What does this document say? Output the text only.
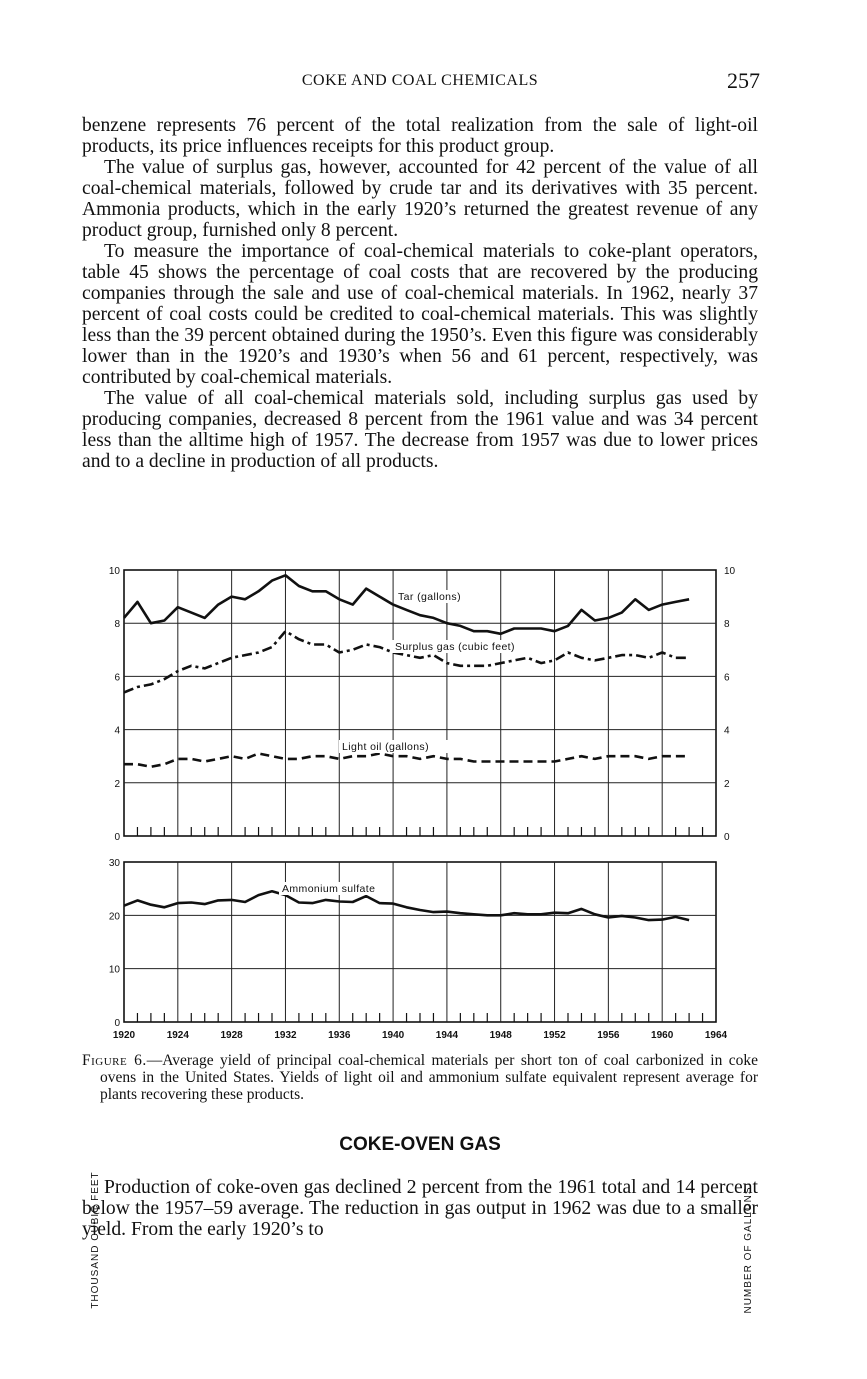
COKE AND COAL CHEMICALS	257

benzene represents 76 percent of the total realization from the sale of light-oil products, its price influences receipts for this product group.

The value of surplus gas, however, accounted for 42 percent of the value of all coal-chemical materials, followed by crude tar and its derivatives with 35 percent. Ammonia products, which in the early 1920’s returned the greatest revenue of any product group, furnished only 8 percent.

To measure the importance of coal-chemical materials to coke-plant operators, table 45 shows the percentage of coal costs that are recovered by the producing companies through the sale and use of coal-chemical materials. In 1962, nearly 37 percent of coal costs could be credited to coal-chemical materials. This was slightly less than the 39 percent obtained during the 1950’s. Even this figure was considerably lower than in the 1920’s and 1930’s when 56 and 61 percent, respectively, was contributed by coal-chemical materials.

The value of all coal-chemical materials sold, including surplus gas used by producing companies, decreased 8 percent from the 1961 value and was 34 percent less than the alltime high of 1957. The decrease from 1957 was due to lower prices and to a decline in production of all products.

0
2
4
6
8
10
0
2
4
6
8
10
Tar (gallons)
Surplus gas (cubic feet)
Light oil (gallons)
THOUSAND CUBIC FEET	NUMBER OF GALLONS
0
10
20
30
1920	1924	1928	1932	1936	1940	1944	1948	1952	1956	1960	1964
Ammonium sulfate

Figure 6.—Average yield of principal coal-chemical materials per short ton of coal carbonized in coke ovens in the United States. Yields of light oil and ammonium sulfate equivalent represent average for plants recovering these products.

COKE-OVEN GAS

Production of coke-oven gas declined 2 percent from the 1961 total and 14 percent below the 1957–59 average. The reduction in gas output in 1962 was due to a smaller yield. From the early 1920’s to
